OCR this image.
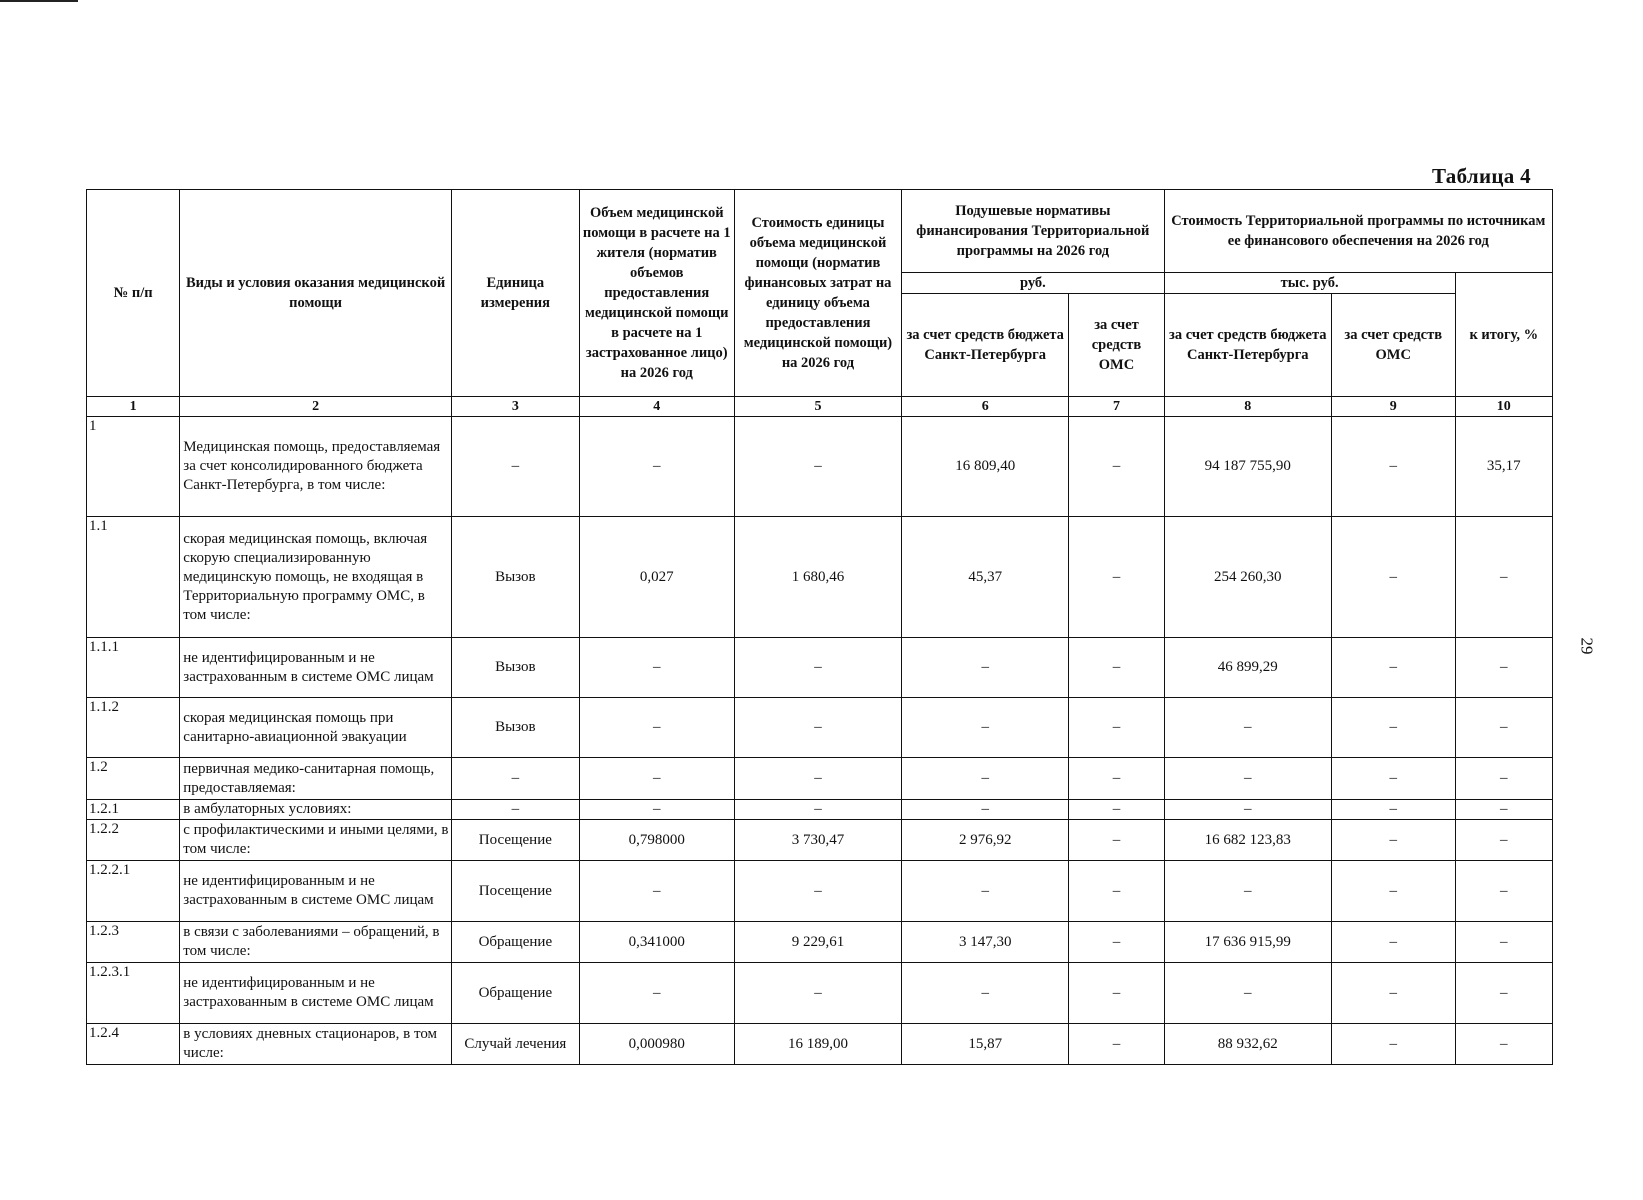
Таблица 4
29
№ п/п	Виды и условия оказания медицинской помощи	Единица измерения	Объем медицинской помощи в расчете на 1 жителя (норматив объемов предоставления медицинской помощи в расчете на 1 застрахованное лицо) на 2026 год	Стоимость единицы объема медицинской помощи (норматив финансовых затрат на единицу объема предоставления медицинской помощи) на 2026 год	Подушевые нормативы финансирования Территориальной программы на 2026 год		Стоимость Территориальной программы по источникам ее финансового обеспечения на 2026 год		
					руб.		тыс. руб.		к итогу, %
					за счет средств бюджета Санкт-Петербурга	за счет средств ОМС	за счет средств бюджета Санкт-Петербурга	за счет средств ОМС	
1	2	3	4	5	6	7	8	9	10
1	Медицинская помощь, предоставляемая за счет консолидированного бюджета Санкт-Петербурга, в том числе:	–	–	–	16 809,40	–	94 187 755,90	–	35,17
1.1	скорая медицинская помощь, включая скорую специализированную медицинскую помощь, не входящая в Территориальную программу ОМС, в том числе:	Вызов	0,027	1 680,46	45,37	–	254 260,30	–	–
1.1.1	не идентифицированным и не застрахованным в системе ОМС лицам	Вызов	–	–	–	–	46 899,29	–	–
1.1.2	скорая медицинская помощь при санитарно-авиационной эвакуации	Вызов	–	–	–	–	–	–	–
1.2	первичная медико-санитарная помощь, предоставляемая:	–	–	–	–	–	–	–	–
1.2.1	в амбулаторных условиях:	–	–	–	–	–	–	–	–
1.2.2	с профилактическими и иными целями, в том числе:	Посещение	0,798000	3 730,47	2 976,92	–	16 682 123,83	–	–
1.2.2.1	не идентифицированным и не застрахованным в системе ОМС лицам	Посещение	–	–	–	–	–	–	–
1.2.3	в связи с заболеваниями – обращений, в том числе:	Обращение	0,341000	9 229,61	3 147,30	–	17 636 915,99	–	–
1.2.3.1	не идентифицированным и не застрахованным в системе ОМС лицам	Обращение	–	–	–	–	–	–	–
1.2.4	в условиях дневных стационаров, в том числе:	Случай лечения	0,000980	16 189,00	15,87	–	88 932,62	–	–
